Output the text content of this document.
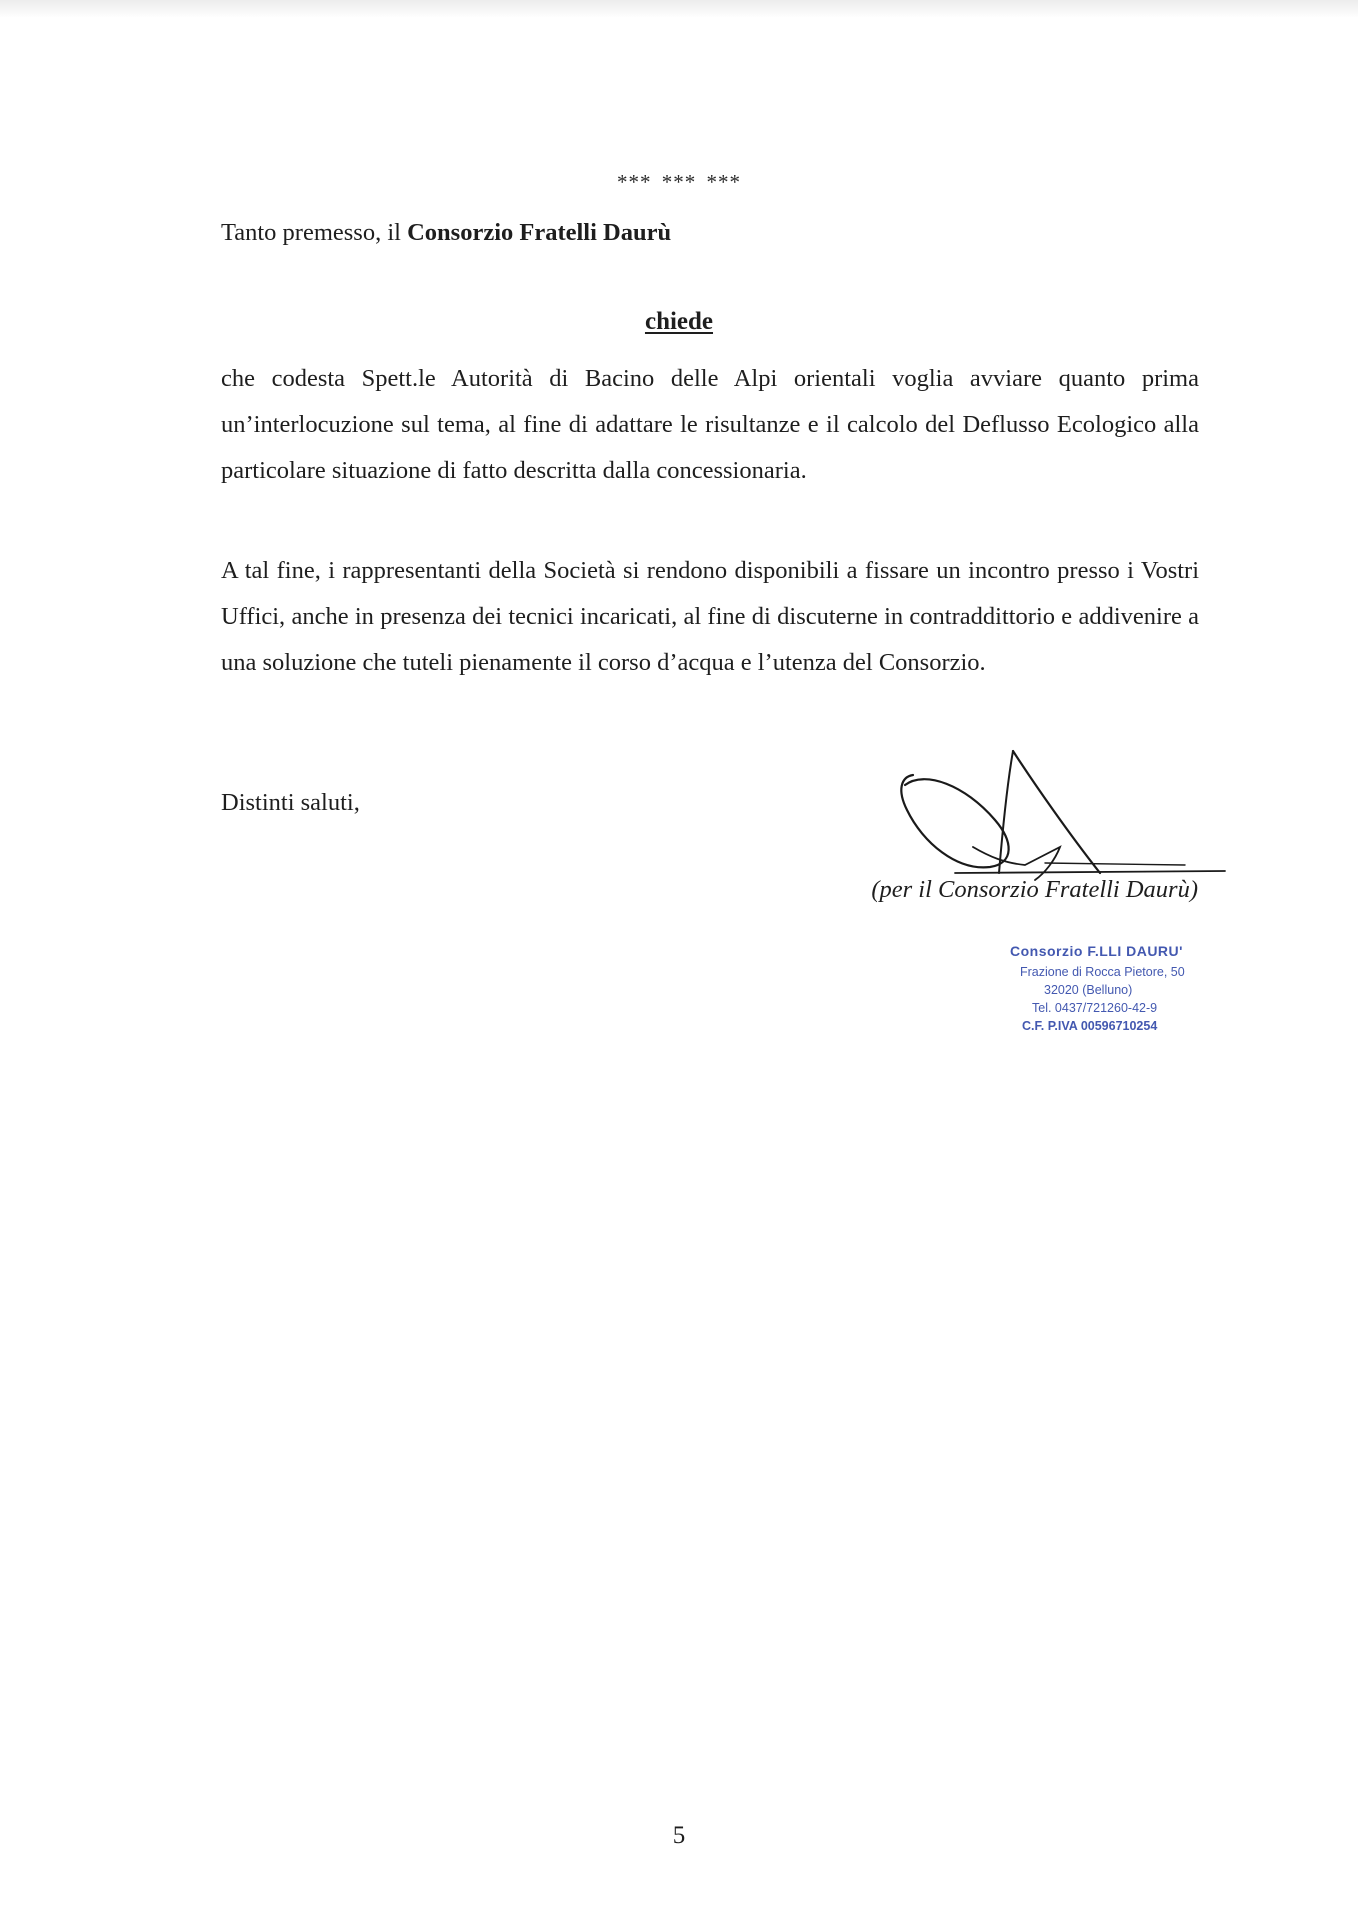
*** *** ***
Tanto premesso, il Consorzio Fratelli Daurù
chiede
che codesta Spett.le Autorità di Bacino delle Alpi orientali voglia avviare quanto prima un’interlocuzione sul tema, al fine di adattare le risultanze e il calcolo del Deflusso Ecologico alla particolare situazione di fatto descritta dalla concessionaria.
A tal fine, i rappresentanti della Società si rendono disponibili a fissare un incontro presso i Vostri Uffici, anche in presenza dei tecnici incaricati, al fine di discuterne in contraddittorio e addivenire a una soluzione che tuteli pienamente il corso d’acqua e l’utenza del Consorzio.
Distinti saluti,
(per il Consorzio Fratelli Daurù)
Consorzio F.LLI DAURU'
Frazione di Rocca Pietore, 50
32020 (Belluno)
Tel. 0437/721260-42-9
C.F. P.IVA 00596710254
5
